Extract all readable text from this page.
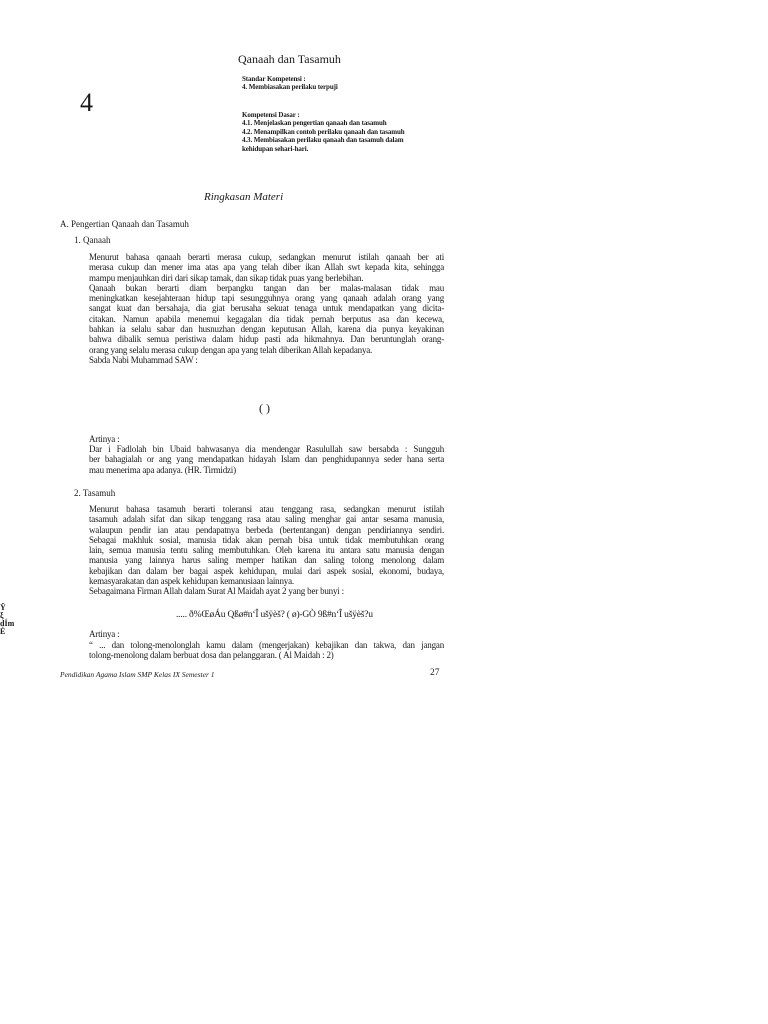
Qanaah dan Tasamuh
4
Standar Kompetensi :
4. Membiasakan perilaku terpuji
Kompetensi Dasar :
4.1. Menjelaskan pengertian qanaah dan tasamuh
4.2. Menampilkan contoh perilaku qanaah dan tasamuh
4.3. Membiasakan perilaku qanaah dan tasamuh dalam
kehidupan sehari-hari.
Ringkasan Materi
A. Pengertian Qanaah dan Tasamuh
1. Qanaah
Menurut bahasa qanaah berarti merasa cukup, sedangkan menurut istilah qanaah ber ati
merasa cukup dan mener ima atas apa yang telah diber ikan Allah swt kepada kita, sehingga
mampu menjauhkan diri dari sikap tamak, dan sikap tidak puas yang berlebihan.
Qanaah bukan berarti diam berpangku tangan dan ber malas-malasan tidak mau
meningkatkan kesejahteraan hidup tapi sesungguhnya orang yang qanaah adalah orang yang
sangat kuat dan bersahaja, dia giat berusaha sekuat tenaga untuk mendapatkan yang dicita-
citakan. Namun apabila menemui kegagalan dia tidak pernah berputus asa dan kecewa,
bahkan ia selalu sabar dan husnuzhan dengan keputusan Allah, karena dia punya keyakinan
bahwa dibalik semua peristiwa dalam hidup pasti ada hikmahnya. Dan beruntunglah orang-
orang yang selalu merasa cukup dengan apa yang telah diberikan Allah kepadanya.
Sabda Nabi Muhammad SAW :
( )
Artinya :
Dar i Fadlolah bin Ubaid bahwasanya dia mendengar Rasulullah saw bersabda : Sungguh
ber bahagialah or ang yang mendapatkan hidayah Islam dan penghidupannya seder hana serta
mau menerima apa adanya. (HR. Tirmidzi)
2. Tasamuh
Menurut bahasa tasamuh berarti toleransi atau tenggang rasa, sedangkan menurut istilah
tasamuh adalah sifat dan sikap tenggang rasa atau saling menghar gai antar sesama manusia,
walaupun pendir ian atau pendapatnya berbeda (bertentangan) dengan pendiriannya sendiri.
Sebagai makhluk sosial, manusia tidak akan pernah bisa untuk tidak membutuhkan orang
lain, semua manusia tentu saling membutuhkan. Oleh karena itu antara satu manusia dengan
manusia yang lainnya harus saling memper hatikan dan saling tolong menolong dalam
kebajikan dan dalam ber bagai aspek kehidupan, mulai dari aspek sosial, ekonomi, budaya,
kemasyarakatan dan aspek kehidupan kemanusiaan lainnya.
Sebagaimana Firman Allah dalam Surat Al Maidah ayat 2 yang ber bunyi :
..... ð%ŒøÁu Qßø#n‘Î ušÿèš? ( ø)-GÒ 9ß#n‘Î ušÿèš?u
Ÿ
ξ
dÍm
È	Artinya :
“ ... dan tolong-menolonglah kamu dalam (mengerjakan) kebajikan dan takwa, dan jangan
tolong-menolong dalam berbuat dosa dan pelanggaran. ( Al Maidah : 2)
Pendidikan Agama Islam SMP Kelas IX Semester 1	27
